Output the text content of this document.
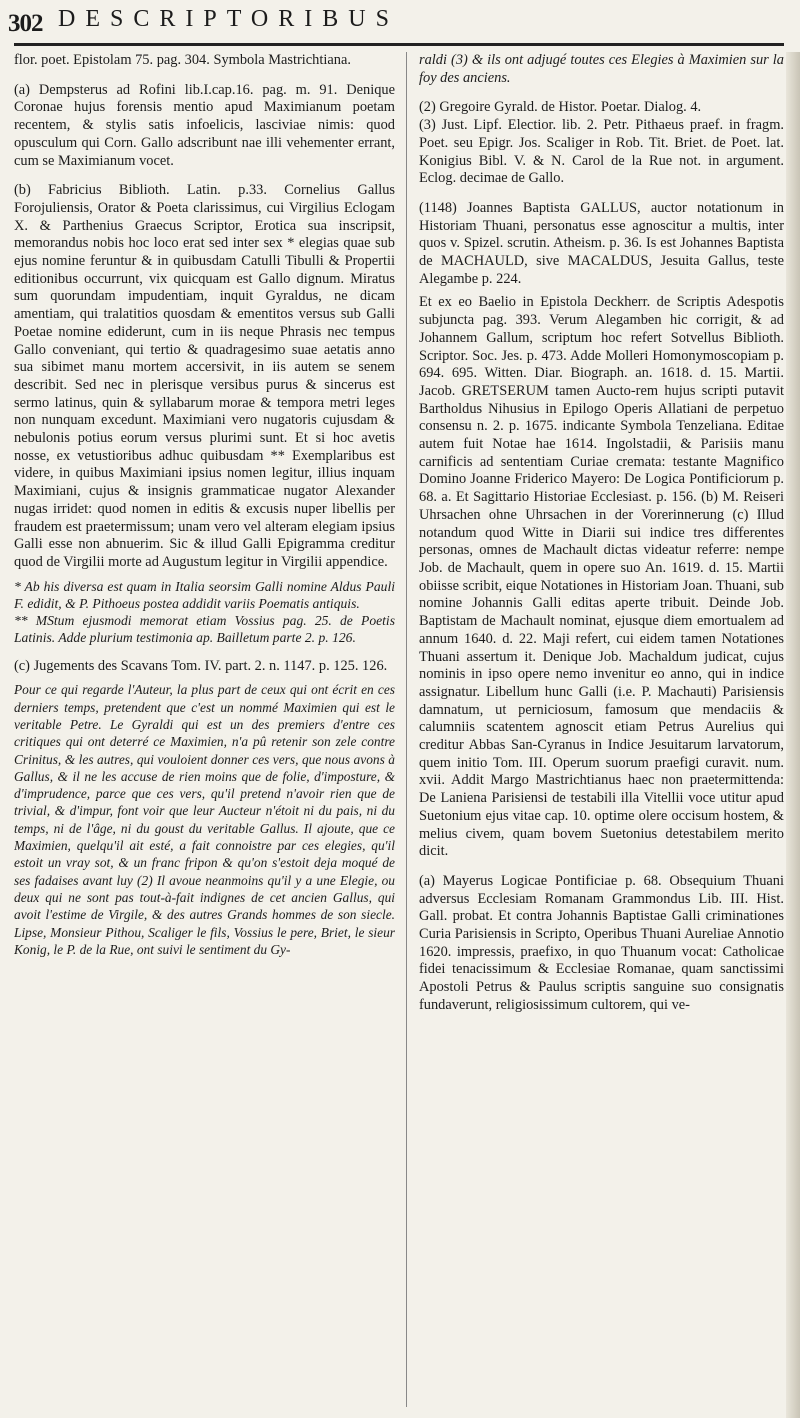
302 DESCRIPTORIBUS

flor. poet. Epistolam 75. pag. 304. Symbola Mastrichtiana.

(a) Dempsterus ad Rofini lib.I.cap.16. pag. m. 91. Denique Coronae hujus forensis mentio apud Maximianum poetam recentem, & stylis satis infoelicis, lasciviae nimis: quod opusculum qui Corn. Gallo adscribunt nae illi vehementer errant, cum se Maximianum vocet.

(b) Fabricius Biblioth. Latin. p.33. Cornelius Gallus Forojuliensis, Orator & Poeta clarissimus, cui Virgilius Eclogam X. & Parthenius Graecus Scriptor, Erotica sua inscripsit, memorandus nobis hoc loco erat sed inter sex * elegias quae sub ejus nomine feruntur & in quibusdam Catulli Tibulli & Propertii editionibus occurrunt, vix quicquam est Gallo dignum. Miratus sum quorundam impudentiam, inquit Gyraldus, ne dicam amentiam, qui tralatitios quosdam & ementitos versus sub Galli Poetae nomine ediderunt, cum in iis neque Phrasis nec tempus Gallo conveniant, qui tertio & quadragesimo suae aetatis anno sua sibimet manu mortem accersivit, in iis autem se senem describit. Sed nec in plerisque versibus purus & sincerus est sermo latinus, quin & syllabarum morae & tempora metri leges non nunquam excedunt. Maximiani vero nugatoris cujusdam & nebulonis potius eorum versus plurimi sunt. Et si hoc avetis nosse, ex vetustioribus adhuc quibusdam ** Exemplaribus est videre, in quibus Maximiani ipsius nomen legitur, illius inquam Maximiani, cujus & insignis grammaticae nugator Alexander nugas irridet: quod nomen in editis & excusis nuper libellis per fraudem est praetermissum; unam vero vel alteram elegiam ipsius Galli esse non abnuerim. Sic & illud Galli Epigramma creditur quod de Virgilii morte ad Augustum legitur in Virgilii appendice.

* Ab his diversa est quam in Italia seorsim Galli nomine Aldus Pauli F. edidit, & P. Pithoeus postea addidit variis Poematis antiquis.

** MStum ejusmodi memorat etiam Vossius pag. 25. de Poetis Latinis. Adde plurium testimonia ap. Bailletum parte 2. p. 126.

(c) Jugements des Scavans Tom. IV. part. 2. n. 1147. p. 125. 126.

Pour ce qui regarde l'Auteur, la plus part de ceux qui ont écrit en ces derniers temps, pretendent que c'est un nommé Maximien qui est le veritable Petre. Le Gyraldi qui est un des premiers d'entre ces critiques qui ont deterré ce Maximien, n'a pû retenir son zele contre Crinitus, & les autres, qui vouloient donner ces vers, que nous avons à Gallus, & il ne les accuse de rien moins que de folie, d'imposture, & d'imprudence, parce que ces vers, qu'il pretend n'avoir rien que de trivial, & d'impur, font voir que leur Aucteur n'étoit ni du pais, ni du temps, ni de l'âge, ni du goust du veritable Gallus. Il ajoute, que ce Maximien, quelqu'il ait esté, a fait connoistre par ces elegies, qu'il estoit un vray sot, & un franc fripon & qu'on s'estoit deja moqué de ses fadaises avant luy (2) Il avoue neanmoins qu'il y a une Elegie, ou deux qui ne sont pas tout-à-fait indignes de cet ancien Gallus, qui avoit l'estime de Virgile, & des autres Grands hommes de son siecle. Lipse, Monsieur Pithou, Scaliger le fils, Vossius le pere, Briet, le sieur Konig, le P. de la Rue, ont suivi le sentiment du Gy-

raldi (3) & ils ont adjugé toutes ces Elegies à Maximien sur la foy des anciens.

(2) Gregoire Gyrald. de Histor. Poetar. Dialog. 4.

(3) Just. Lipf. Electior. lib. 2. Petr. Pithaeus praef. in fragm. Poet. seu Epigr. Jos. Scaliger in Rob. Tit. Briet. de Poet. lat. Konigius Bibl. V. & N. Carol de la Rue not. in argument. Eclog. decimae de Gallo.

(1148) Joannes Baptista GALLUS, auctor notationum in Historiam Thuani, personatus esse agnoscitur a multis, inter quos v. Spizel. scrutin. Atheism. p. 36. Is est Johannes Baptista de MACHAULD, sive MACALDUS, Jesuita Gallus, teste Alegambe p. 224.

Et ex eo Baelio in Epistola Deckherr. de Scriptis Adespotis subjuncta pag. 393. Verum Alegamben hic corrigit, & ad Johannem Gallum, scriptum hoc refert Sotvellus Biblioth. Scriptor. Soc. Jes. p. 473. Adde Molleri Homonymoscopiam p. 694. 695. Witten. Diar. Biograph. an. 1618. d. 15. Martii. Jacob. GRETSERUM tamen Aucto-rem hujus scripti putavit Bartholdus Nihusius in Epilogo Operis Allatiani de perpetuo consensu n. 2. p. 1675. indicante Symbola Tenzeliana. Editae autem fuit Notae hae 1614. Ingolstadii, & Parisiis manu carnificis ad sententiam Curiae cremata: testante Magnifico Domino Joanne Friderico Mayero: De Logica Pontificiorum p. 68. a. Et Sagittario Historiae Ecclesiast. p. 156. (b) M. Reiseri Uhrsachen ohne Uhrsachen in der Vorerinnerung (c) Illud notandum quod Witte in Diarii sui indice tres differentes personas, omnes de Machault dictas videatur referre: nempe Job. de Machault, quem in opere suo An. 1619. d. 15. Martii obiisse scribit, eique Notationes in Historiam Joan. Thuani, sub nomine Johannis Galli editas aperte tribuit. Deinde Job. Baptistam de Machault nominat, ejusque diem emortualem ad annum 1640. d. 22. Maji refert, cui eidem tamen Notationes Thuani assertum it. Denique Job. Machaldum judicat, cujus nominis in ipso opere nemo invenitur eo anno, qui in indice assignatur. Libellum hunc Galli (i.e. P. Machauti) Parisiensis damnatum, ut perniciosum, famosum que mendaciis & calumniis scatentem agnoscit etiam Petrus Aurelius qui creditur Abbas San-Cyranus in Indice Jesuitarum larvatorum, quem initio Tom. III. Operum suorum praefigi curavit. num. xvii. Addit Margo Mastrichtianus haec non praetermittenda: De Laniena Parisiensi de testabili illa Vitellii voce utitur apud Suetonium ejus vitae cap. 10. optime olere occisum hostem, & melius civem, quam bovem Suetonius detestabilem merito dicit.

(a) Mayerus Logicae Pontificiae p. 68. Obsequium Thuani adversus Ecclesiam Romanam Grammondus Lib. III. Hist. Gall. probat. Et contra Johannis Baptistae Galli criminationes Curia Parisiensis in Scripto, Operibus Thuani Aureliae Annotio 1620. impressis, praefixo, in quo Thuanum vocat: Catholicae fidei tenacissimum & Ecclesiae Romanae, quam sanctissimi Apostoli Petrus & Paulus scriptis sanguine suo consignatis fundaverunt, religiosissimum cultorem, qui ve-
